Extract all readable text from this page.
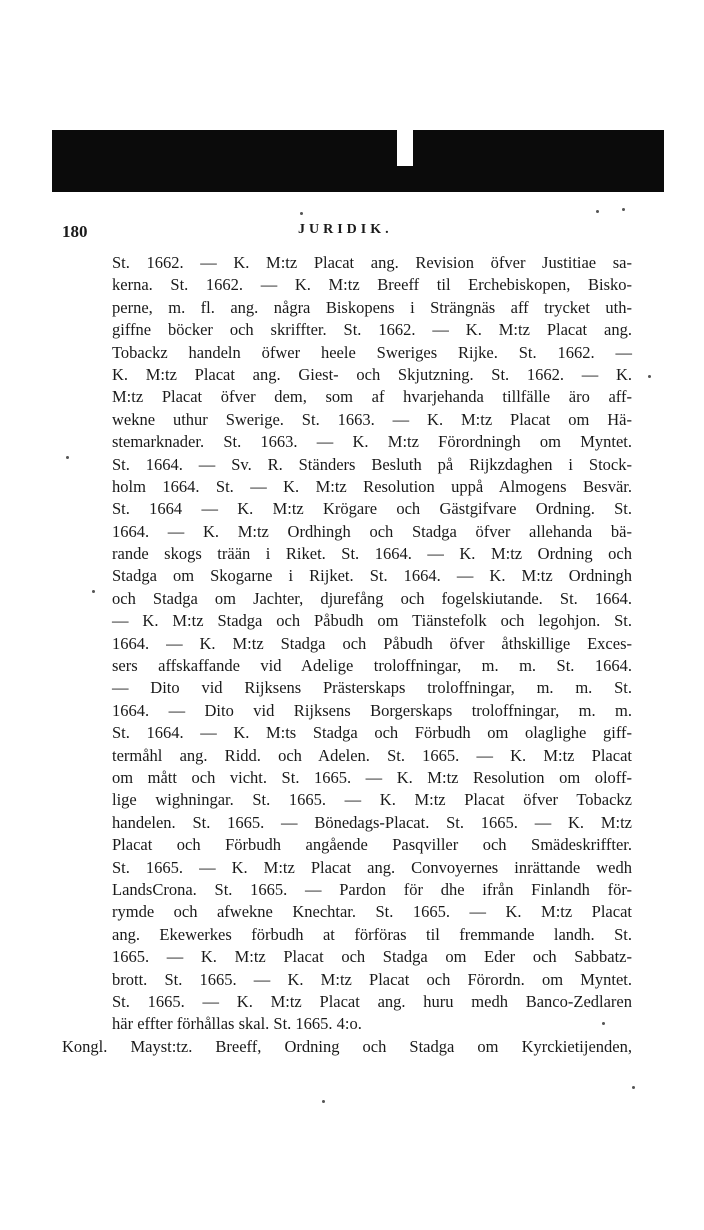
180	JURIDIK.
St. 1662. — K. M:tz Placat ang. Revision öfver Justitiae sa-
kerna. St. 1662. — K. M:tz Breeff til Erchebiskopen, Bisko-
perne, m. fl. ang. några Biskopens i Strängnäs aff trycket uth-
giffne böcker och skriffter. St. 1662. — K. M:tz Placat ang.
Tobackz handeln öfwer heele Sweriges Rijke. St. 1662. —
K. M:tz Placat ang. Giest- och Skjutzning. St. 1662. — K.
M:tz Placat öfver dem, som af hvarjehanda tillfälle äro aff-
wekne uthur Swerige. St. 1663. — K. M:tz Placat om Hä-
stemarknader. St. 1663. — K. M:tz Förordningh om Myntet.
St. 1664. — Sv. R. Ständers Besluth på Rijkzdaghen i Stock-
holm 1664. St. — K. M:tz Resolution uppå Almogens Besvär.
St. 1664 — K. M:tz Krögare och Gästgifvare Ordning. St.
1664. — K. M:tz Ordhingh och Stadga öfver allehanda bä-
rande skogs trään i Riket. St. 1664. — K. M:tz Ordning och
Stadga om Skogarne i Rijket. St. 1664. — K. M:tz Ordningh
och Stadga om Jachter, djurefång och fogelskiutande. St. 1664.
— K. M:tz Stadga och Påbudh om Tiänstefolk och legohjon. St.
1664. — K. M:tz Stadga och Påbudh öfver åthskillige Exces-
sers affskaffande vid Adelige troloffningar, m. m. St. 1664.
— Dito vid Rijksens Prästerskaps troloffningar, m. m. St.
1664. — Dito vid Rijksens Borgerskaps troloffningar, m. m.
St. 1664. — K. M:ts Stadga och Förbudh om olaglighe giff-
termåhl ang. Ridd. och Adelen. St. 1665. — K. M:tz Placat
om mått och vicht. St. 1665. — K. M:tz Resolution om oloff-
lige wighningar. St. 1665. — K. M:tz Placat öfver Tobackz
handelen. St. 1665. — Bönedags-Placat. St. 1665. — K. M:tz
Placat och Förbudh angående Pasqviller och Smädeskriffter.
St. 1665. — K. M:tz Placat ang. Convoyernes inrättande wedh
LandsCrona. St. 1665. — Pardon för dhe ifrån Finlandh för-
rymde och afwekne Knechtar. St. 1665. — K. M:tz Placat
ang. Ekewerkes förbudh at förföras til fremmande landh. St.
1665. — K. M:tz Placat och Stadga om Eder och Sabbatz-
brott. St. 1665. — K. M:tz Placat och Förordn. om Myntet.
St. 1665. — K. M:tz Placat ang. huru medh Banco-Zedlaren
här effter förhållas skal. St. 1665. 4:o.
Kongl. Mayst:tz. Breeff, Ordning och Stadga om Kyrckietijenden,
